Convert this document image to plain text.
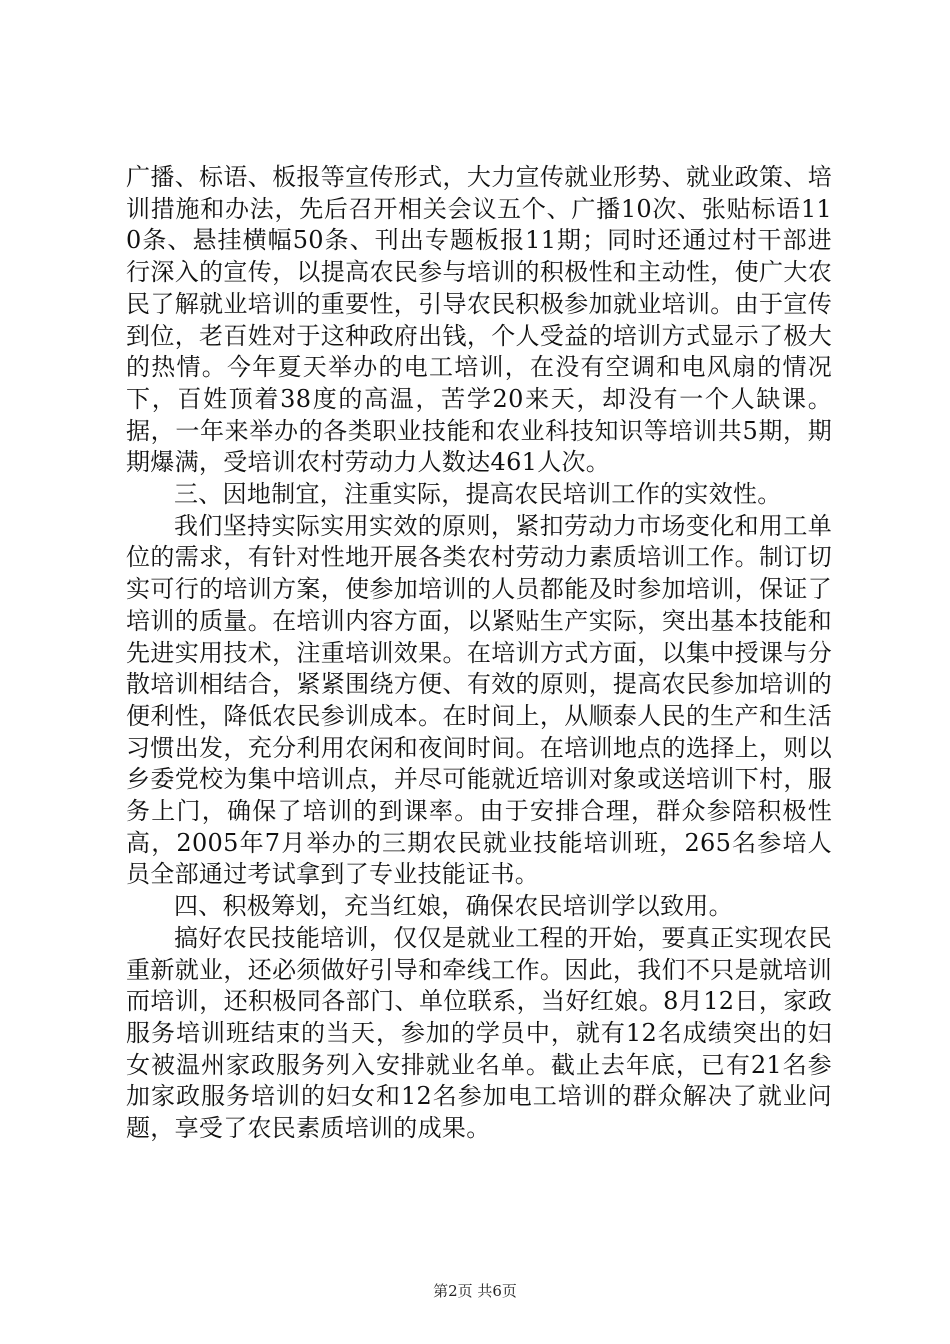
广播、标语、板报等宣传形式，大力宣传就业形势、就业政策、培训措施和办法，先后召开相关会议五个、广播10次、张贴标语110条、悬挂横幅50条、刊出专题板报11期；同时还通过村干部进行深入的宣传，以提高农民参与培训的积极性和主动性，使广大农民了解就业培训的重要性，引导农民积极参加就业培训。由于宣传到位，老百姓对于这种政府出钱，个人受益的培训方式显示了极大的热情。今年夏天举办的电工培训，在没有空调和电风扇的情况下，百姓顶着38度的高温，苦学20来天，却没有一个人缺课。据，一年来举办的各类职业技能和农业科技知识等培训共5期，期期爆满，受培训农村劳动力人数达461人次。

三、因地制宜，注重实际，提高农民培训工作的实效性。

我们坚持实际实用实效的原则，紧扣劳动力市场变化和用工单位的需求，有针对性地开展各类农村劳动力素质培训工作。制订切实可行的培训方案，使参加培训的人员都能及时参加培训，保证了培训的质量。在培训内容方面，以紧贴生产实际，突出基本技能和先进实用技术，注重培训效果。在培训方式方面，以集中授课与分散培训相结合，紧紧围绕方便、有效的原则，提高农民参加培训的便利性，降低农民参训成本。在时间上，从顺泰人民的生产和生活习惯出发，充分利用农闲和夜间时间。在培训地点的选择上，则以乡委党校为集中培训点，并尽可能就近培训对象或送培训下村，服务上门，确保了培训的到课率。由于安排合理，群众参陪积极性高，2005年7月举办的三期农民就业技能培训班，265名参培人员全部通过考试拿到了专业技能证书。

四、积极筹划，充当红娘，确保农民培训学以致用。

搞好农民技能培训，仅仅是就业工程的开始，要真正实现农民重新就业，还必须做好引导和牵线工作。因此，我们不只是就培训而培训，还积极同各部门、单位联系，当好红娘。8月12日，家政服务培训班结束的当天，参加的学员中，就有12名成绩突出的妇女被温州家政服务列入安排就业名单。截止去年底，已有21名参加家政服务培训的妇女和12名参加电工培训的群众解决了就业问题，享受了农民素质培训的成果。

第2页 共6页
